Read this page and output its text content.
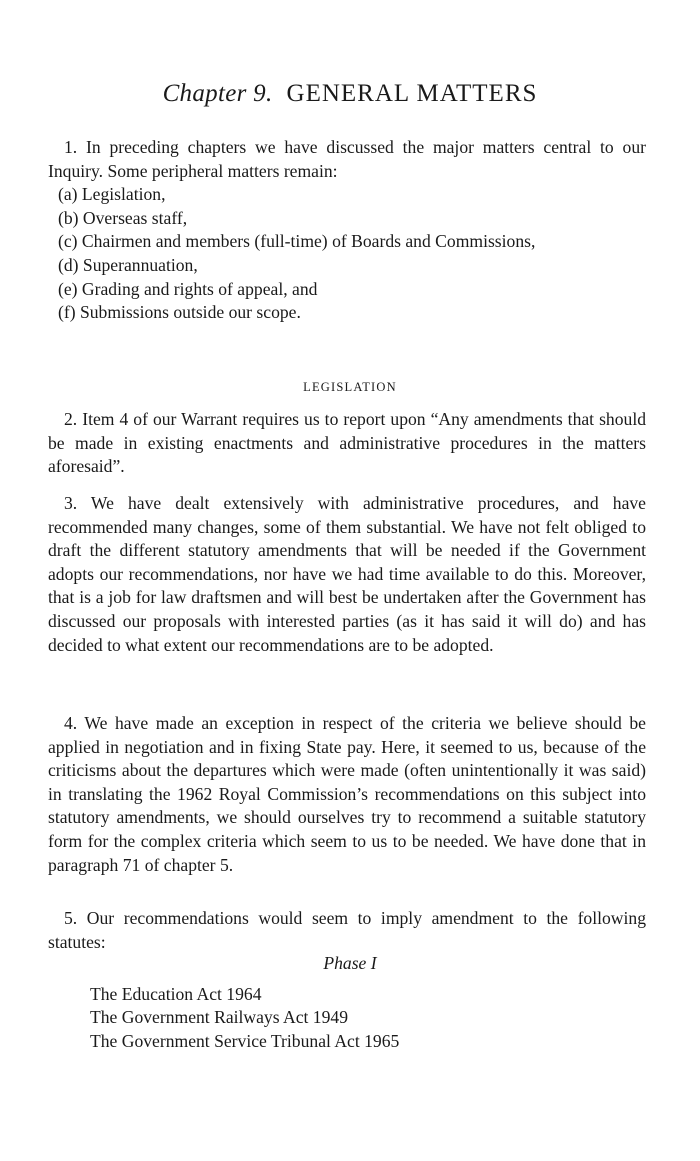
Chapter 9. GENERAL MATTERS

1. In preceding chapters we have discussed the major matters central to our Inquiry. Some peripheral matters remain:

(a) Legislation,
(b) Overseas staff,
(c) Chairmen and members (full-time) of Boards and Commissions,
(d) Superannuation,
(e) Grading and rights of appeal, and
(f) Submissions outside our scope.
LEGISLATION

2. Item 4 of our Warrant requires us to report upon “Any amendments that should be made in existing enactments and administrative procedures in the matters aforesaid”.

3. We have dealt extensively with administrative procedures, and have recommended many changes, some of them substantial. We have not felt obliged to draft the different statutory amendments that will be needed if the Government adopts our recommendations, nor have we had time available to do this. Moreover, that is a job for law draftsmen and will best be undertaken after the Government has discussed our proposals with interested parties (as it has said it will do) and has decided to what extent our recommendations are to be adopted.

4. We have made an exception in respect of the criteria we believe should be applied in negotiation and in fixing State pay. Here, it seemed to us, because of the criticisms about the departures which were made (often unintentionally it was said) in translating the 1962 Royal Commission’s recommendations on this subject into statutory amendments, we should ourselves try to recommend a suitable statutory form for the complex criteria which seem to us to be needed. We have done that in paragraph 71 of chapter 5.

5. Our recommendations would seem to imply amendment to the following statutes:

Phase I
The Education Act 1964
The Government Railways Act 1949
The Government Service Tribunal Act 1965
